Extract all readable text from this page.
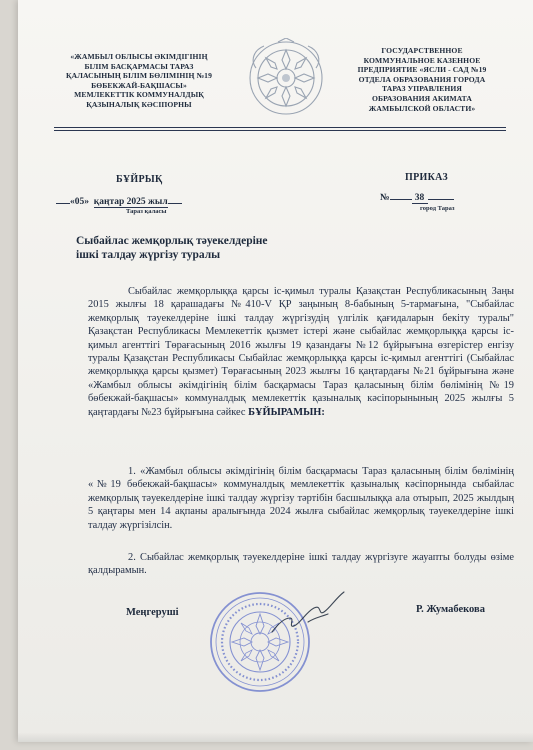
«ЖАМБЫЛ ОБЛЫСЫ ӘКІМДІГІНІҢ
БІЛІМ БАСҚАРМАСЫ ТАРАЗ
ҚАЛАСЫНЫҢ БІЛІМ БӨЛІМІНІҢ №19
БӨБЕКЖАЙ-БАҚШАСЫ»
МЕМЛЕКЕТТІК КОММУНАЛДЫҚ
ҚАЗЫНАЛЫҚ КӘСІПОРНЫ
ГОСУДАРСТВЕННОЕ
КОММУНАЛЬНОЕ КАЗЕННОЕ
ПРЕДПРИЯТИЕ «ЯСЛИ - САД №19
ОТДЕЛА ОБРАЗОВАНИЯ ГОРОДА
ТАРАЗ УПРАВЛЕНИЯ
ОБРАЗОВАНИЯ АКИМАТА
ЖАМБЫЛСКОЙ ОБЛАСТИ»
БҰЙРЫҚ	ПРИКАЗ
«05» қаңтар 2025 жыл
Тараз қаласы
№	38
город Тараз
Сыбайлас жемқорлық тәуекелдеріне
ішкі талдау жүргізу туралы
Сыбайлас жемқорлыққа қарсы іс-қимыл туралы Қазақстан Республикасының Заңы 2015 жылғы 18 қарашадағы №410-V ҚР заңының 8-бабының 5-тармағына, "Сыбайлас жемқорлық тәуекелдеріне ішкі талдау жүргізудің үлгілік қағидаларын бекіту туралы" Қазақстан Республикасы Мемлекеттік қызмет істері және сыбайлас жемқорлыққа қарсы іс-қимыл агенттігі Төрағасының 2016 жылғы 19 қазандағы №12 бұйрығына өзгерістер енгізу туралы Қазақстан Республикасы Сыбайлас жемқорлыққа қарсы іс-қимыл агенттігі (Сыбайлас жемқорлыққа қарсы қызмет) Төрағасының 2023 жылғы 16 қаңтардағы №21 бұйрығына және «Жамбыл облысы әкімдігінің білім басқармасы Тараз қаласының білім бөлімінің №19 бөбекжай-бақшасы» коммуналдық мемлекеттік қазыналық кәсіпорынының 2025 жылғы 5 қаңтардағы №23 бұйрығына сәйкес БҰЙЫРАМЫН:
1. «Жамбыл облысы әкімдігінің білім басқармасы Тараз қаласының білім бөлімінің «№19 бөбекжай-бақшасы» коммуналдық мемлекеттік қазыналық кәсіпорнында сыбайлас жемқорлық тәуекелдеріне ішкі талдау жүргізу тәртібін басшылыққа ала отырып, 2025 жылдың 5 қаңтары мен 14 ақпаны аралығында 2024 жылға сыбайлас жемқорлық тәуекелдеріне ішкі талдау жүргізілсін.
2. Сыбайлас жемқорлық тәуекелдеріне ішкі талдау жүргізуге жауапты болуды өзіме қалдырамын.
Меңгеруші	Р. Жумабекова
